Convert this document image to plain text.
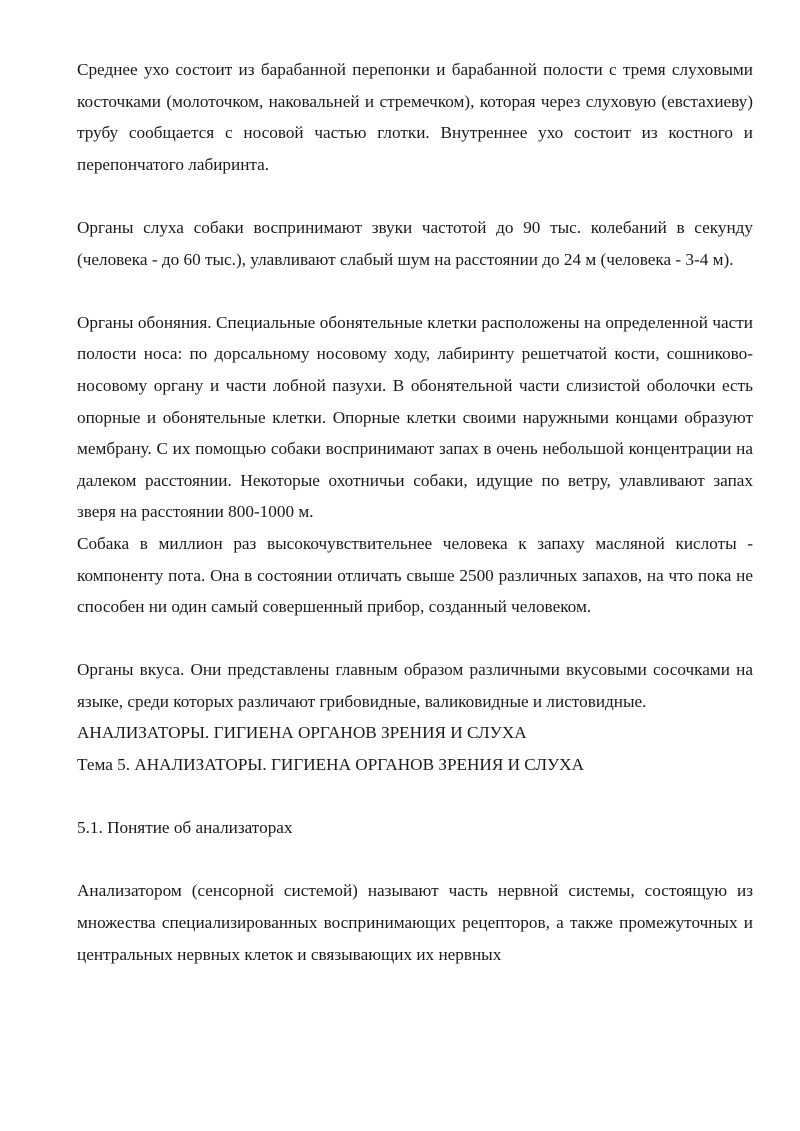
Среднее ухо состоит из барабанной перепонки и барабанной полости с тремя слуховыми косточками (молоточком, наковальней и стремечком), которая через слуховую (евстахиеву) трубу сообщается с носовой частью глотки. Внутреннее ухо состоит из костного и перепончатого лабиринта.

Органы слуха собаки воспринимают звуки частотой до 90 тыс. колебаний в секунду (человека - до 60 тыс.), улавливают слабый шум на расстоянии до 24 м (человека - 3-4 м).

Органы обоняния. Специальные обонятельные клетки расположены на определенной части полости носа: по дорсальному носовому ходу, лабиринту решетчатой кости, сошниково-носовому органу и части лобной пазухи. В обонятельной части слизистой оболочки есть опорные и обонятельные клетки. Опорные клетки своими наружными концами образуют мембрану. С их помощью собаки воспринимают запах в очень небольшой концентрации на далеком расстоянии. Некоторые охотничьи собаки, идущие по ветру, улавливают запах зверя на расстоянии 800-1000 м.

Собака в миллион раз высокочувствительнее человека к запаху масляной кислоты - компоненту пота. Она в состоянии отличать свыше 2500 различных запахов, на что пока не способен ни один самый совершенный прибор, созданный человеком.

Органы вкуса. Они представлены главным образом различными вкусовыми сосочками на языке, среди которых различают грибовидные, валиковидные и листовидные.

АНАЛИЗАТОРЫ. ГИГИЕНА ОРГАНОВ ЗРЕНИЯ И СЛУХА

Тема 5. АНАЛИЗАТОРЫ. ГИГИЕНА ОРГАНОВ ЗРЕНИЯ И СЛУХА

5.1. Понятие об анализаторах

Анализатором (сенсорной системой) называют часть нервной системы, состоящую из множества специализированных воспринимающих рецепторов, а также промежуточных и центральных нервных клеток и связывающих их нервных
